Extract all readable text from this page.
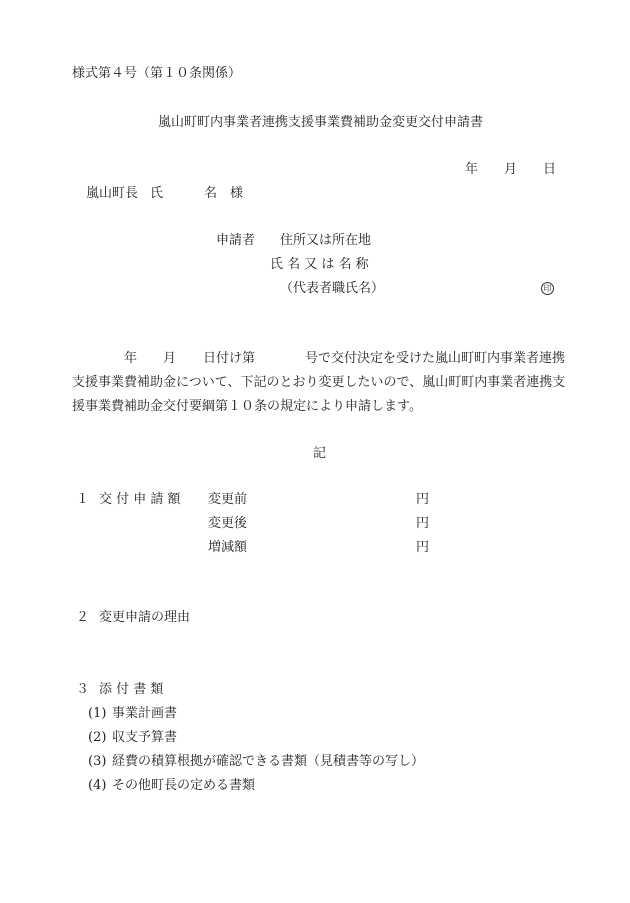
様式第４号（第１０条関係）
嵐山町町内事業者連携支援事業費補助金変更交付申請書
年 月 日
嵐山町長 氏	名 様
申請者 住所又は所在地
氏 名 又 は 名 称
（代表者職氏名）	印
年 月 日付け第	号で交付決定を受けた嵐山町町内事業者連携
支援事業費補助金について、下記のとおり変更したいので、嵐山町町内事業者連携支
援事業費補助金交付要綱第１０条の規定により申請します。
記
１ 交 付 申 請 額 変更前	円
変更後	円
増減額	円
２ 変更申請の理由
３ 添 付 書 類
(1) 事業計画書
(2) 収支予算書
(3) 経費の積算根拠が確認できる書類（見積書等の写し）
(4) その他町長の定める書類
